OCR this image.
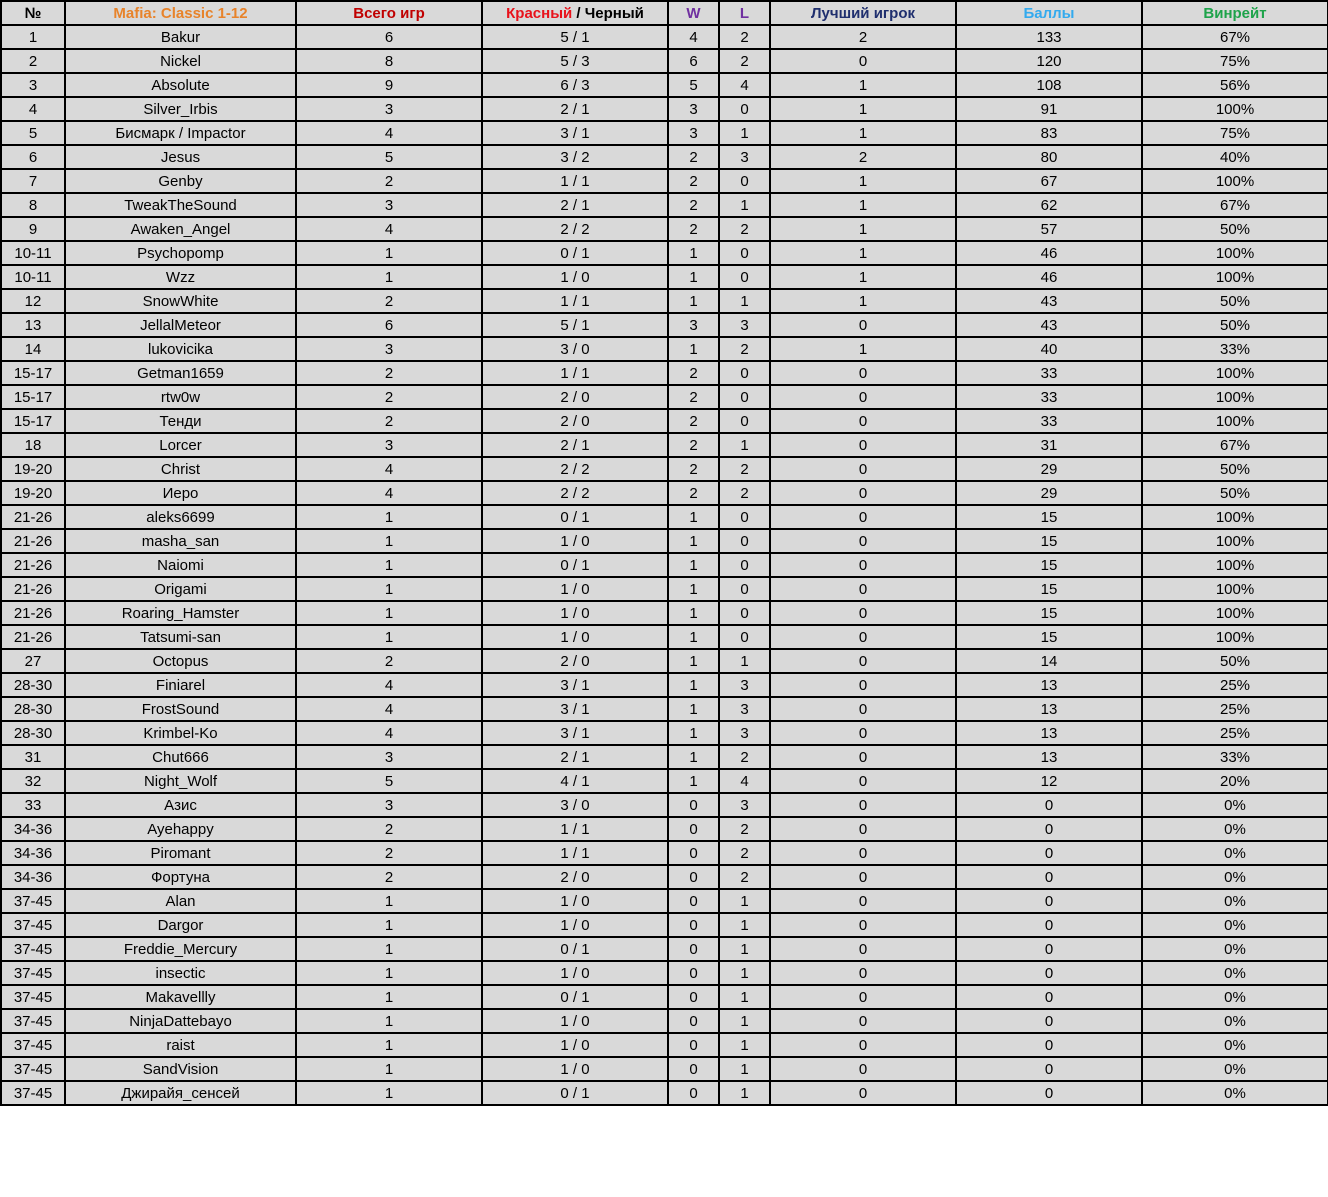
№	Mafia: Classic 1-12	Всего игр	Красный / Черный	W	L	Лучший игрок	Баллы	Винрейт
1	Bakur	6	5 / 1	4	2	2	133	67%
2	Nickel	8	5 / 3	6	2	0	120	75%
3	Absolute	9	6 / 3	5	4	1	108	56%
4	Silver_Irbis	3	2 / 1	3	0	1	91	100%
5	Бисмарк / Impactor	4	3 / 1	3	1	1	83	75%
6	Jesus	5	3 / 2	2	3	2	80	40%
7	Genby	2	1 / 1	2	0	1	67	100%
8	TweakTheSound	3	2 / 1	2	1	1	62	67%
9	Awaken_Angel	4	2 / 2	2	2	1	57	50%
10-11	Psychopomp	1	0 / 1	1	0	1	46	100%
10-11	Wzz	1	1 / 0	1	0	1	46	100%
12	SnowWhite	2	1 / 1	1	1	1	43	50%
13	JellalMeteor	6	5 / 1	3	3	0	43	50%
14	lukovicika	3	3 / 0	1	2	1	40	33%
15-17	Getman1659	2	1 / 1	2	0	0	33	100%
15-17	rtw0w	2	2 / 0	2	0	0	33	100%
15-17	Тенди	2	2 / 0	2	0	0	33	100%
18	Lorcer	3	2 / 1	2	1	0	31	67%
19-20	Christ	4	2 / 2	2	2	0	29	50%
19-20	Иеро	4	2 / 2	2	2	0	29	50%
21-26	aleks6699	1	0 / 1	1	0	0	15	100%
21-26	masha_san	1	1 / 0	1	0	0	15	100%
21-26	Naiomi	1	0 / 1	1	0	0	15	100%
21-26	Origami	1	1 / 0	1	0	0	15	100%
21-26	Roaring_Hamster	1	1 / 0	1	0	0	15	100%
21-26	Tatsumi-san	1	1 / 0	1	0	0	15	100%
27	Octopus	2	2 / 0	1	1	0	14	50%
28-30	Finiarel	4	3 / 1	1	3	0	13	25%
28-30	FrostSound	4	3 / 1	1	3	0	13	25%
28-30	Krimbel-Ko	4	3 / 1	1	3	0	13	25%
31	Chut666	3	2 / 1	1	2	0	13	33%
32	Night_Wolf	5	4 / 1	1	4	0	12	20%
33	Азис	3	3 / 0	0	3	0	0	0%
34-36	Ayehappy	2	1 / 1	0	2	0	0	0%
34-36	Piromant	2	1 / 1	0	2	0	0	0%
34-36	Фортуна	2	2 / 0	0	2	0	0	0%
37-45	Alan	1	1 / 0	0	1	0	0	0%
37-45	Dargor	1	1 / 0	0	1	0	0	0%
37-45	Freddie_Mercury	1	0 / 1	0	1	0	0	0%
37-45	insectic	1	1 / 0	0	1	0	0	0%
37-45	Makavellly	1	0 / 1	0	1	0	0	0%
37-45	NinjaDattebayo	1	1 / 0	0	1	0	0	0%
37-45	raist	1	1 / 0	0	1	0	0	0%
37-45	SandVision	1	1 / 0	0	1	0	0	0%
37-45	Джирайя_сенсей	1	0 / 1	0	1	0	0	0%
